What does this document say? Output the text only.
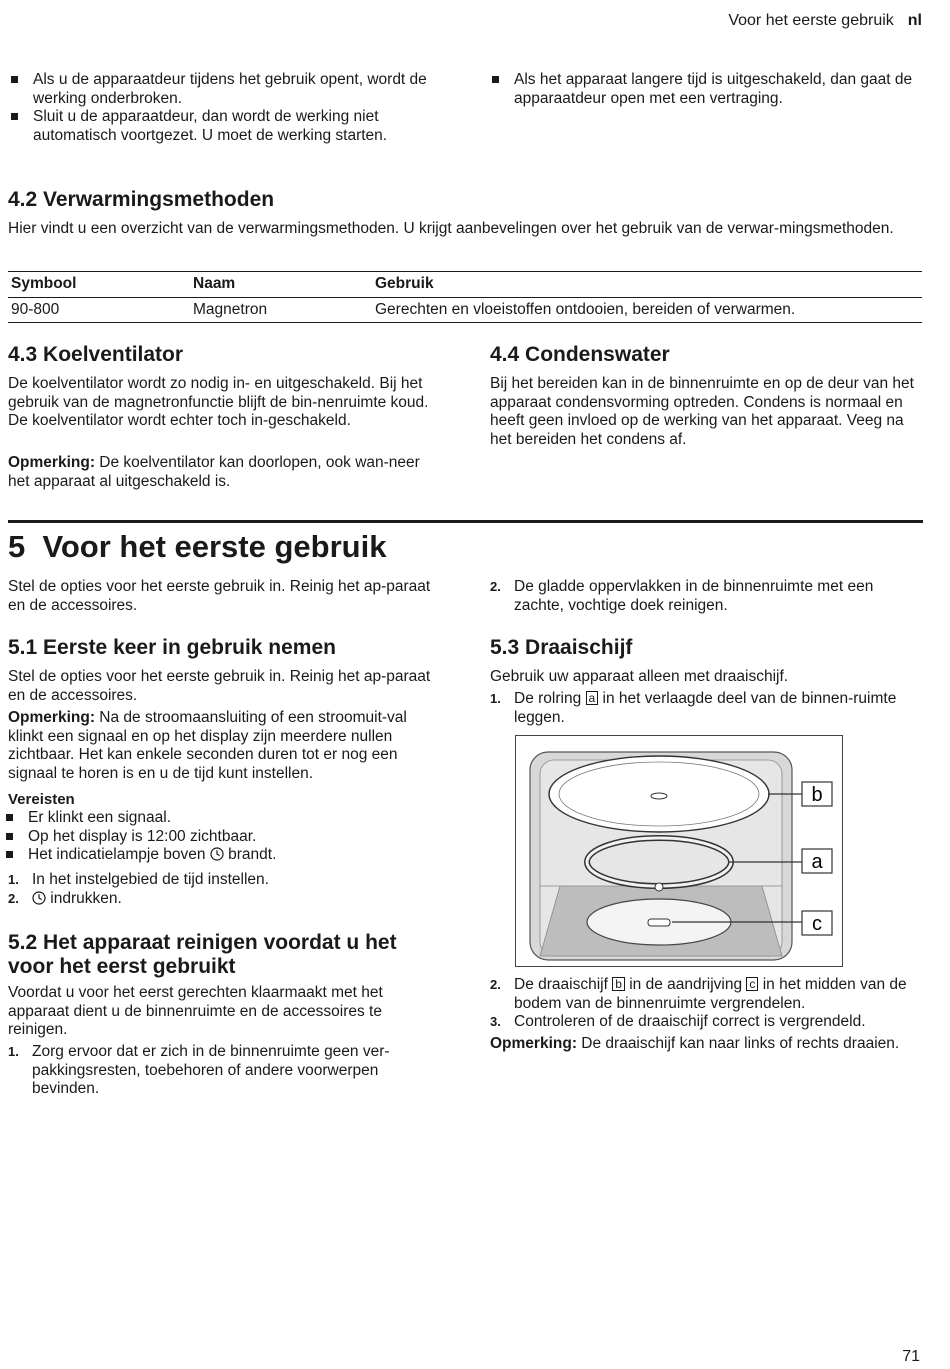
Voor het eerste gebruik nl
Als u de apparaatdeur tijdens het gebruik opent, wordt de werking onderbroken.
Sluit u de apparaatdeur, dan wordt de werking niet automatisch voortgezet. U moet de werking starten.
Als het apparaat langere tijd is uitgeschakeld, dan gaat de apparaatdeur open met een vertraging.
4.2 Verwarmingsmethoden

Hier vindt u een overzicht van de verwarmingsmethoden. U krijgt aanbevelingen over het gebruik van de verwar-mingsmethoden.

Symbool	Naam	Gebruik
90-800	Magnetron	Gerechten en vloeistoffen ontdooien, bereiden of verwarmen.
4.3 Koelventilator

De koelventilator wordt zo nodig in- en uitgeschakeld. Bij het gebruik van de magnetronfunctie blijft de bin-nenruimte koud. De koelventilator wordt echter toch in-geschakeld.

Opmerking: De koelventilator kan doorlopen, ook wan-neer het apparaat al uitgeschakeld is.

4.4 Condenswater

Bij het bereiden kan in de binnenruimte en op de deur van het apparaat condensvorming optreden. Condens is normaal en heeft geen invloed op de werking van het apparaat. Veeg na het bereiden het condens af.

5  Voor het eerste gebruik

Stel de opties voor het eerste gebruik in. Reinig het ap-paraat en de accessoires.

5.1 Eerste keer in gebruik nemen

Stel de opties voor het eerste gebruik in. Reinig het ap-paraat en de accessoires.

Opmerking: Na de stroomaansluiting of een stroomuit-val klinkt een signaal en op het display zijn meerdere nullen zichtbaar. Het kan enkele seconden duren tot er nog een signaal te horen is en u de tijd kunt instellen.

Vereisten
Er klinkt een signaal.
Op het display is 12:00 zichtbaar.
Het indicatielampje boven  brandt.
1. In het instelgebied de tijd instellen.
2. indrukken.
5.2 Het apparaat reinigen voordat u het voor het eerst gebruikt

Voordat u voor het eerst gerechten klaarmaakt met het apparaat dient u de binnenruimte en de accessoires te reinigen.

1. Zorg ervoor dat er zich in de binnenruimte geen ver-pakkingsresten, toebehoren of andere voorwerpen bevinden.
2. De gladde oppervlakken in de binnenruimte met een zachte, vochtige doek reinigen.
5.3 Draaischijf

Gebruik uw apparaat alleen met draaischijf.

1. De rolring a in het verlaagde deel van de binnen-ruimte leggen.
b
a
c
2. De draaischijf b in de aandrijving c in het midden van de bodem van de binnenruimte vergrendelen.
3. Controleren of de draaischijf correct is vergrendeld.

Opmerking: De draaischijf kan naar links of rechts draaien.

71
